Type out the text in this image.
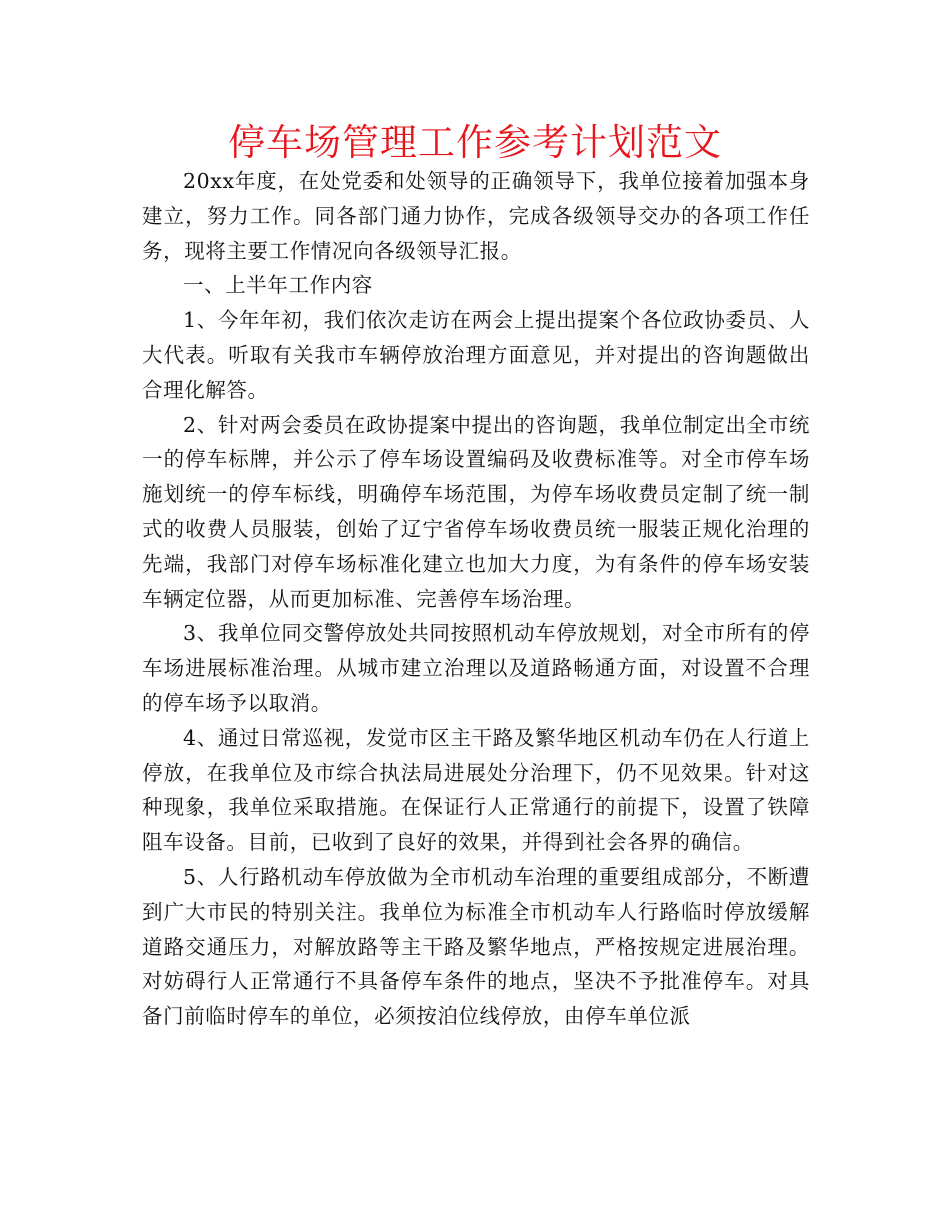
停车场管理工作参考计划范文

20xx年度，在处党委和处领导的正确领导下，我单位接着加强本身建立，努力工作。同各部门通力协作，完成各级领导交办的各项工作任务，现将主要工作情况向各级领导汇报。

一、上半年工作内容

1、今年年初，我们依次走访在两会上提出提案个各位政协委员、人大代表。听取有关我市车辆停放治理方面意见，并对提出的咨询题做出合理化解答。

2、针对两会委员在政协提案中提出的咨询题，我单位制定出全市统一的停车标牌，并公示了停车场设置编码及收费标准等。对全市停车场施划统一的停车标线，明确停车场范围，为停车场收费员定制了统一制式的收费人员服装，创始了辽宁省停车场收费员统一服装正规化治理的先端，我部门对停车场标准化建立也加大力度，为有条件的停车场安装车辆定位器，从而更加标准、完善停车场治理。

3、我单位同交警停放处共同按照机动车停放规划，对全市所有的停车场进展标准治理。从城市建立治理以及道路畅通方面，对设置不合理的停车场予以取消。

4、通过日常巡视，发觉市区主干路及繁华地区机动车仍在人行道上停放，在我单位及市综合执法局进展处分治理下，仍不见效果。针对这种现象，我单位采取措施。在保证行人正常通行的前提下，设置了铁障阻车设备。目前，已收到了良好的效果，并得到社会各界的确信。

5、人行路机动车停放做为全市机动车治理的重要组成部分，不断遭到广大市民的特别关注。我单位为标准全市机动车人行路临时停放缓解道路交通压力，对解放路等主干路及繁华地点，严格按规定进展治理。对妨碍行人正常通行不具备停车条件的地点，坚决不予批准停车。对具备门前临时停车的单位，必须按泊位线停放，由停车单位派
